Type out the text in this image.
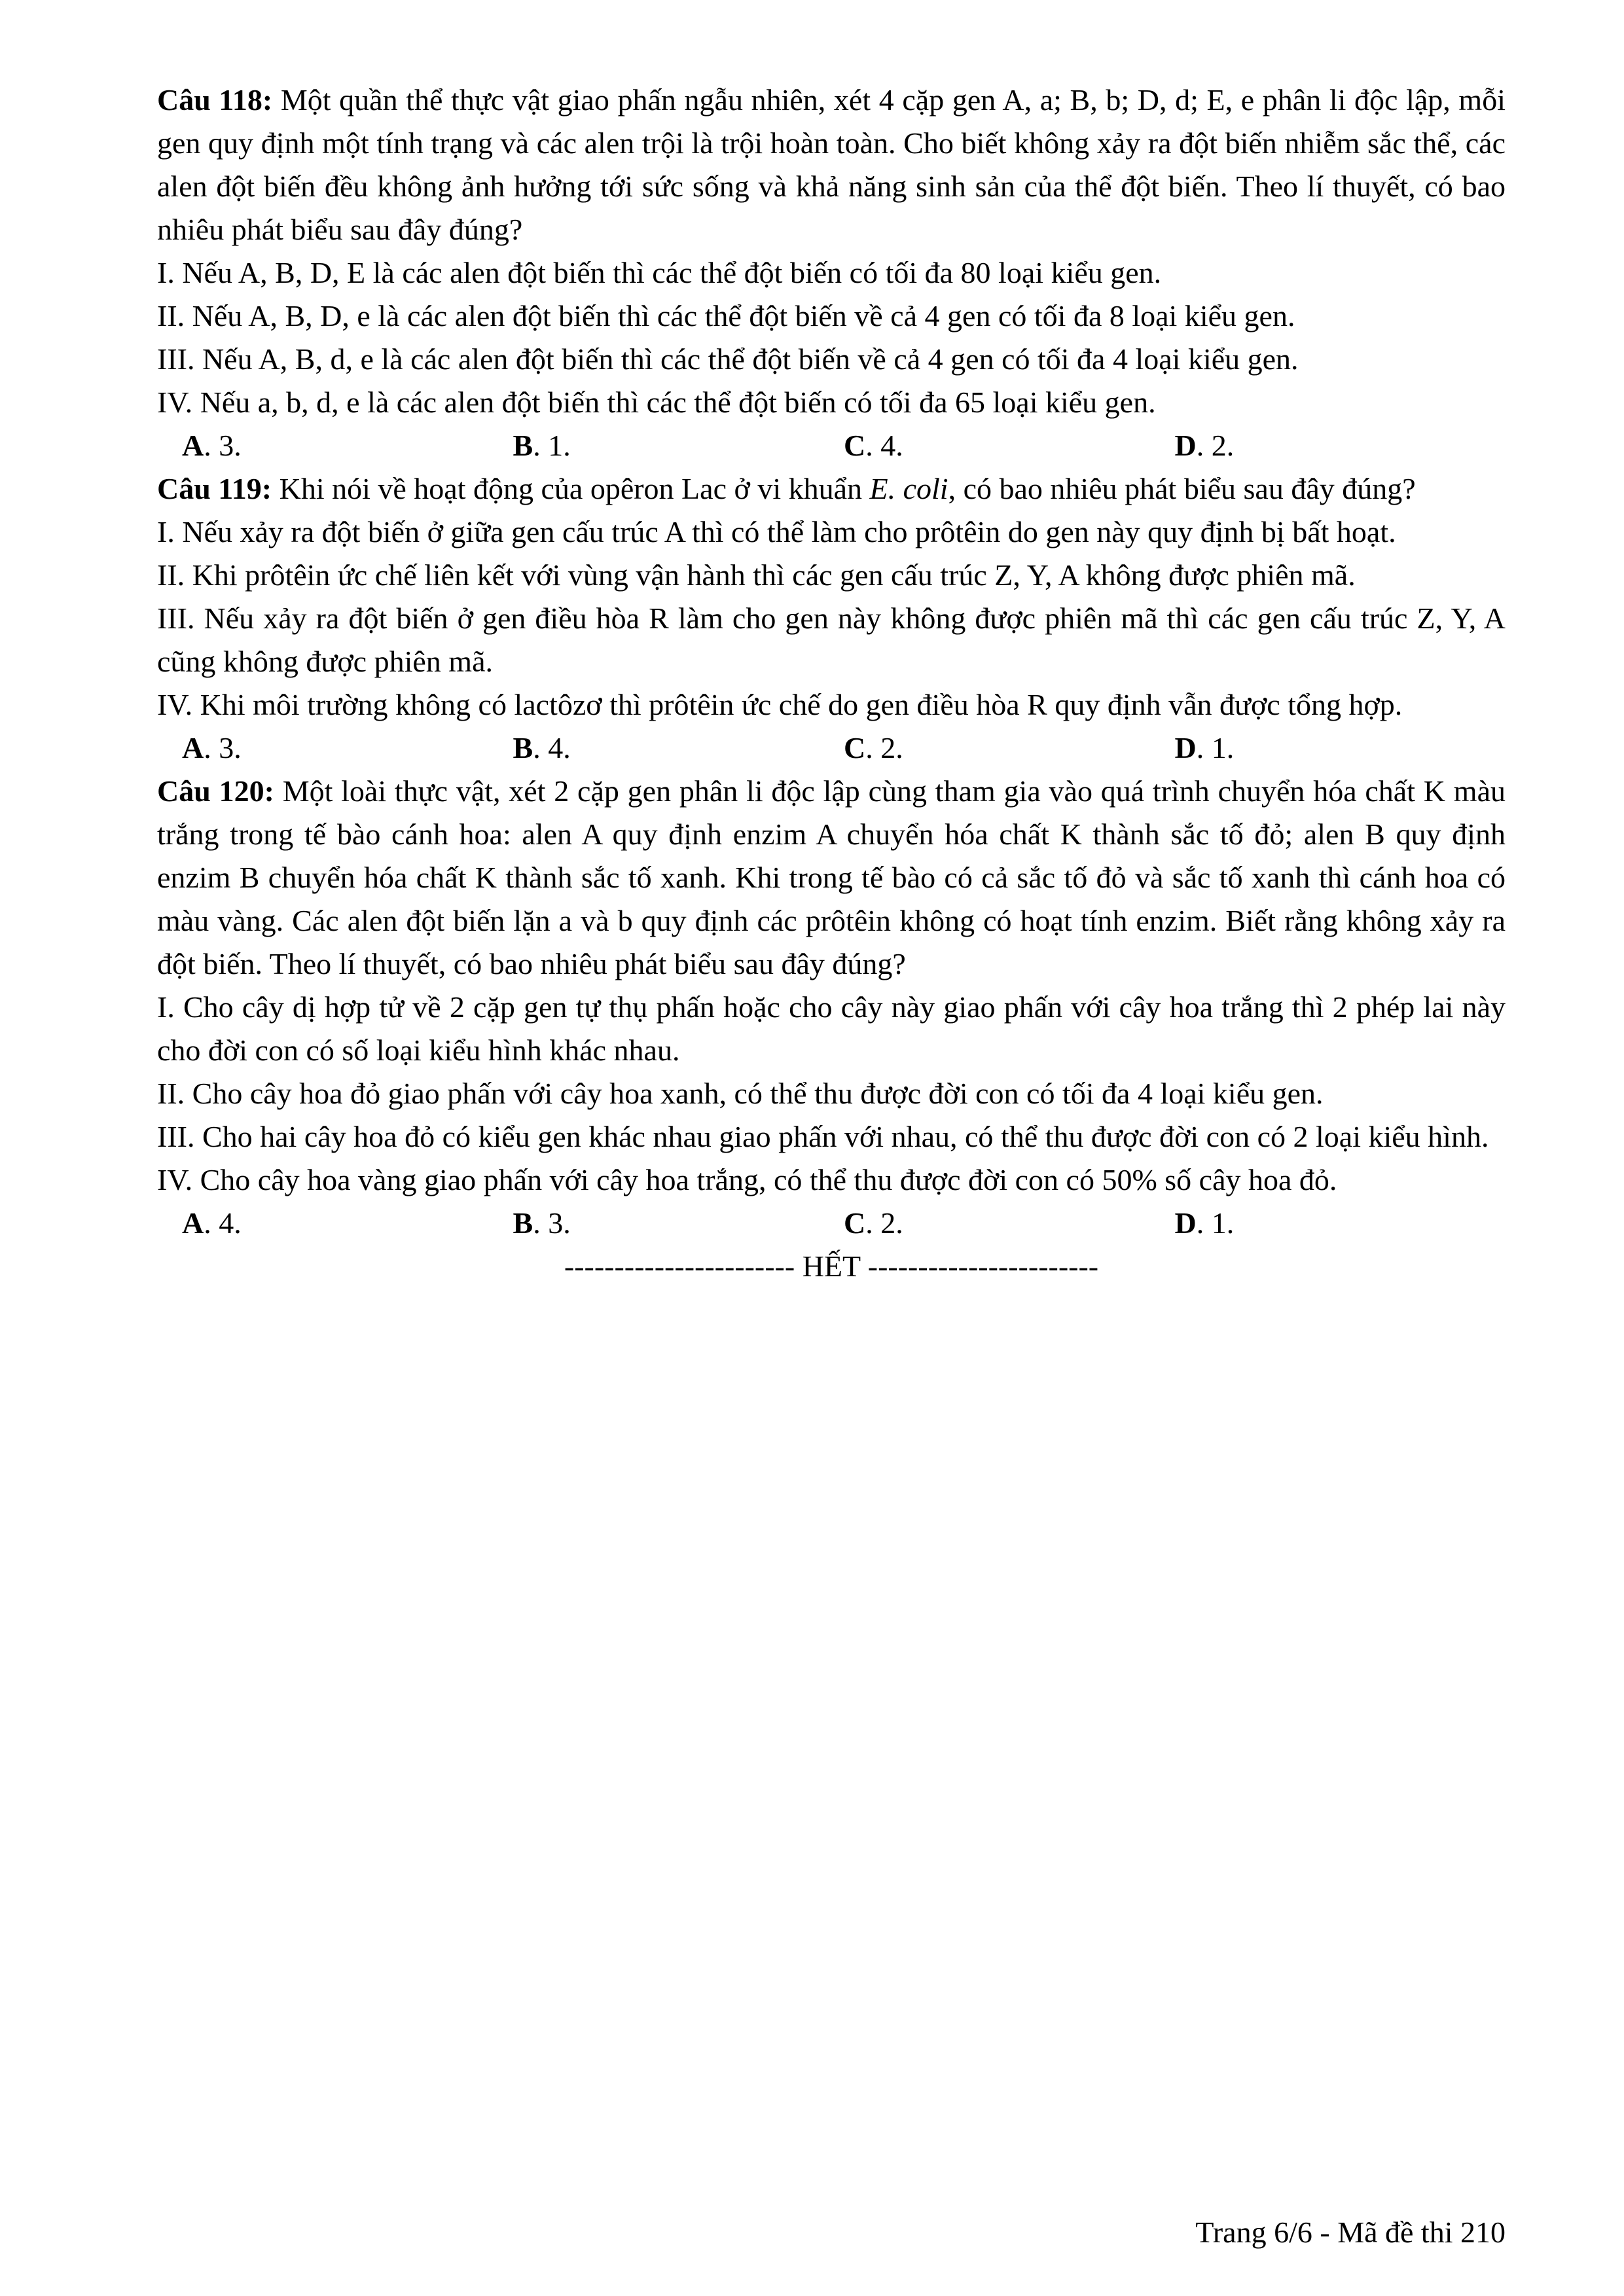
Câu 118: Một quần thể thực vật giao phấn ngẫu nhiên, xét 4 cặp gen A, a; B, b; D, d; E, e phân li độc lập, mỗi gen quy định một tính trạng và các alen trội là trội hoàn toàn. Cho biết không xảy ra đột biến nhiễm sắc thể, các alen đột biến đều không ảnh hưởng tới sức sống và khả năng sinh sản của thể đột biến. Theo lí thuyết, có bao nhiêu phát biểu sau đây đúng?

I. Nếu A, B, D, E là các alen đột biến thì các thể đột biến có tối đa 80 loại kiểu gen.

II. Nếu A, B, D, e là các alen đột biến thì các thể đột biến về cả 4 gen có tối đa 8 loại kiểu gen.

III. Nếu A, B, d, e là các alen đột biến thì các thể đột biến về cả 4 gen có tối đa 4 loại kiểu gen.

IV. Nếu a, b, d, e là các alen đột biến thì các thể đột biến có tối đa 65 loại kiểu gen.

A. 3.	B. 1.	C. 4.	D. 2.

Câu 119: Khi nói về hoạt động của opêron Lac ở vi khuẩn E. coli, có bao nhiêu phát biểu sau đây đúng?

I. Nếu xảy ra đột biến ở giữa gen cấu trúc A thì có thể làm cho prôtêin do gen này quy định bị bất hoạt.

II. Khi prôtêin ức chế liên kết với vùng vận hành thì các gen cấu trúc Z, Y, A không được phiên mã.

III. Nếu xảy ra đột biến ở gen điều hòa R làm cho gen này không được phiên mã thì các gen cấu trúc Z, Y, A cũng không được phiên mã.

IV. Khi môi trường không có lactôzơ thì prôtêin ức chế do gen điều hòa R quy định vẫn được tổng hợp.

A. 3.	B. 4.	C. 2.	D. 1.

Câu 120: Một loài thực vật, xét 2 cặp gen phân li độc lập cùng tham gia vào quá trình chuyển hóa chất K màu trắng trong tế bào cánh hoa: alen A quy định enzim A chuyển hóa chất K thành sắc tố đỏ; alen B quy định enzim B chuyển hóa chất K thành sắc tố xanh. Khi trong tế bào có cả sắc tố đỏ và sắc tố xanh thì cánh hoa có màu vàng. Các alen đột biến lặn a và b quy định các prôtêin không có hoạt tính enzim. Biết rằng không xảy ra đột biến. Theo lí thuyết, có bao nhiêu phát biểu sau đây đúng?

I. Cho cây dị hợp tử về 2 cặp gen tự thụ phấn hoặc cho cây này giao phấn với cây hoa trắng thì 2 phép lai này cho đời con có số loại kiểu hình khác nhau.

II. Cho cây hoa đỏ giao phấn với cây hoa xanh, có thể thu được đời con có tối đa 4 loại kiểu gen.

III. Cho hai cây hoa đỏ có kiểu gen khác nhau giao phấn với nhau, có thể thu được đời con có 2 loại kiểu hình.

IV. Cho cây hoa vàng giao phấn với cây hoa trắng, có thể thu được đời con có 50% số cây hoa đỏ.

A. 4.	B. 3.	C. 2.	D. 1.

----------------------- HẾT -----------------------

Trang 6/6 - Mã đề thi 210
